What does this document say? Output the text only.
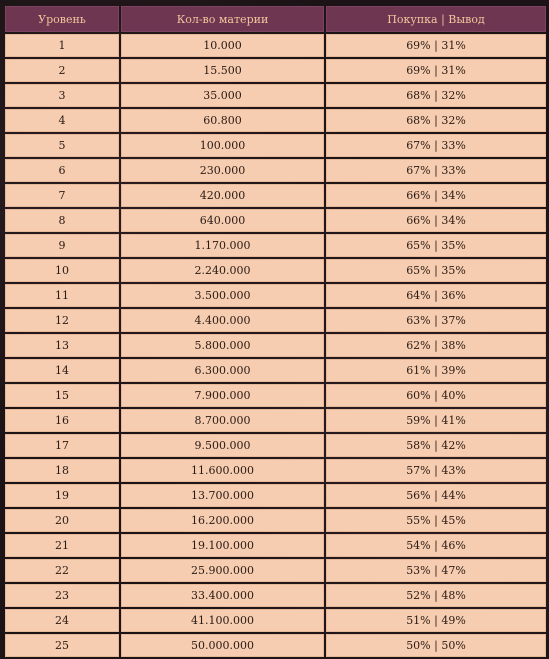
Уровень	Кол-во материи	Покупка | Вывод
1	10.000	69% | 31%
2	15.500	69% | 31%
3	35.000	68% | 32%
4	60.800	68% | 32%
5	100.000	67% | 33%
6	230.000	67% | 33%
7	420.000	66% | 34%
8	640.000	66% | 34%
9	1.170.000	65% | 35%
10	2.240.000	65% | 35%
11	3.500.000	64% | 36%
12	4.400.000	63% | 37%
13	5.800.000	62% | 38%
14	6.300.000	61% | 39%
15	7.900.000	60% | 40%
16	8.700.000	59% | 41%
17	9.500.000	58% | 42%
18	11.600.000	57% | 43%
19	13.700.000	56% | 44%
20	16.200.000	55% | 45%
21	19.100.000	54% | 46%
22	25.900.000	53% | 47%
23	33.400.000	52% | 48%
24	41.100.000	51% | 49%
25	50.000.000	50% | 50%
